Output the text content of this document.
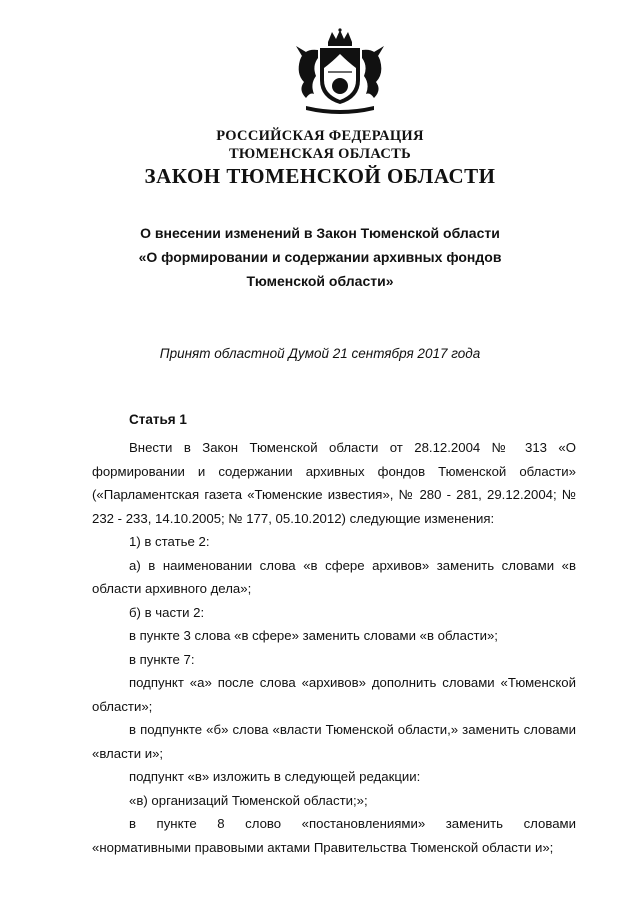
РОССИЙСКАЯ ФЕДЕРАЦИЯ
ТЮМЕНСКАЯ ОБЛАСТЬ
ЗАКОН ТЮМЕНСКОЙ ОБЛАСТИ
О внесении изменений в Закон Тюменской области
«О формировании и содержании архивных фондов
Тюменской области»
Принят областной Думой 21 сентября 2017 года
Статья 1

Внести в Закон Тюменской области от 28.12.2004 № 313 «О формировании и содержании архивных фондов Тюменской области» («Парламентская газета «Тюменские известия», № 280 - 281, 29.12.2004; № 232 - 233, 14.10.2005; № 177, 05.10.2012) следующие изменения:

1) в статье 2:

а) в наименовании слова «в сфере архивов» заменить словами «в области архивного дела»;

б) в части 2:

в пункте 3 слова «в сфере» заменить словами «в области»;

в пункте 7:

подпункт «а» после слова «архивов» дополнить словами «Тюменской области»;

в подпункте «б» слова «власти Тюменской области,» заменить словами «власти и»;

подпункт «в» изложить в следующей редакции:

«в) организаций Тюменской области;»;

в пункте 8 слово «постановлениями» заменить словами «нормативными правовыми актами Правительства Тюменской области и»;
